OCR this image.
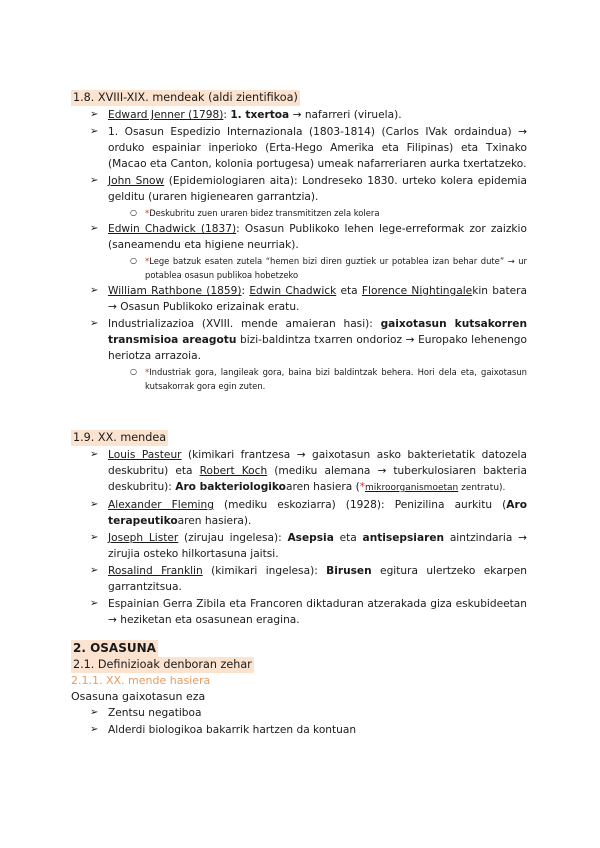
1.8. XVIII-XIX. mendeak (aldi zientifikoa)
➢ Edward Jenner (1798): 1. txertoa → nafarreri (viruela).
➢ 1. Osasun Espedizio Internazionala (1803-1814) (Carlos IVak ordaindua) → orduko espainiar inperioko (Erta-Hego Amerika eta Filipinas) eta Txinako (Macao eta Canton, kolonia portugesa) umeak nafarreriaren aurka txertatzeko.
➢ John Snow (Epidemiologiaren aita): Londreseko 1830. urteko kolera epidemia gelditu (uraren higienearen garrantzia).
○ *Deskubritu zuen uraren bidez transmititzen zela kolera
➢ Edwin Chadwick (1837): Osasun Publikoko lehen lege-erreformak zor zaizkio (saneamendu eta higiene neurriak).
○ *Lege batzuk esaten zutela “hemen bizi diren guztiek ur potablea izan behar dute” → ur potablea osasun publikoa hobetzeko
➢ William Rathbone (1859): Edwin Chadwick eta Florence Nightingalekin batera → Osasun Publikoko erizainak eratu.
➢ Industrializazioa (XVIII. mende amaieran hasi): gaixotasun kutsakorren transmisioa areagotu bizi-baldintza txarren ondorioz → Europako lehenengo heriotza arrazoia.
○ *Industriak gora, langileak gora, baina bizi baldintzak behera. Hori dela eta, gaixotasun kutsakorrak gora egin zuten.
1.9. XX. mendea
➢ Louis Pasteur (kimikari frantzesa → gaixotasun asko bakterietatik datozela deskubritu) eta Robert Koch (mediku alemana → tuberkulosiaren bakteria deskubritu): Aro bakteriologikoaren hasiera (*mikroorganismoetan zentratu).
➢ Alexander Fleming (mediku eskoziarra) (1928): Penizilina aurkitu (Aro terapeutikoaren hasiera).
➢ Joseph Lister (zirujau ingelesa): Asepsia eta antisepsiaren aintzindaria → zirujia osteko hilkortasuna jaitsi.
➢ Rosalind Franklin (kimikari ingelesa): Birusen egitura ulertzeko ekarpen garrantzitsua.
➢ Espainian Gerra Zibila eta Francoren diktaduran atzerakada giza eskubideetan → heziketan eta osasunean eragina.
2. OSASUNA
2.1. Definizioak denboran zehar
2.1.1. XX. mende hasiera
Osasuna gaixotasun eza
➢ Zentsu negatiboa
➢ Alderdi biologikoa bakarrik hartzen da kontuan
